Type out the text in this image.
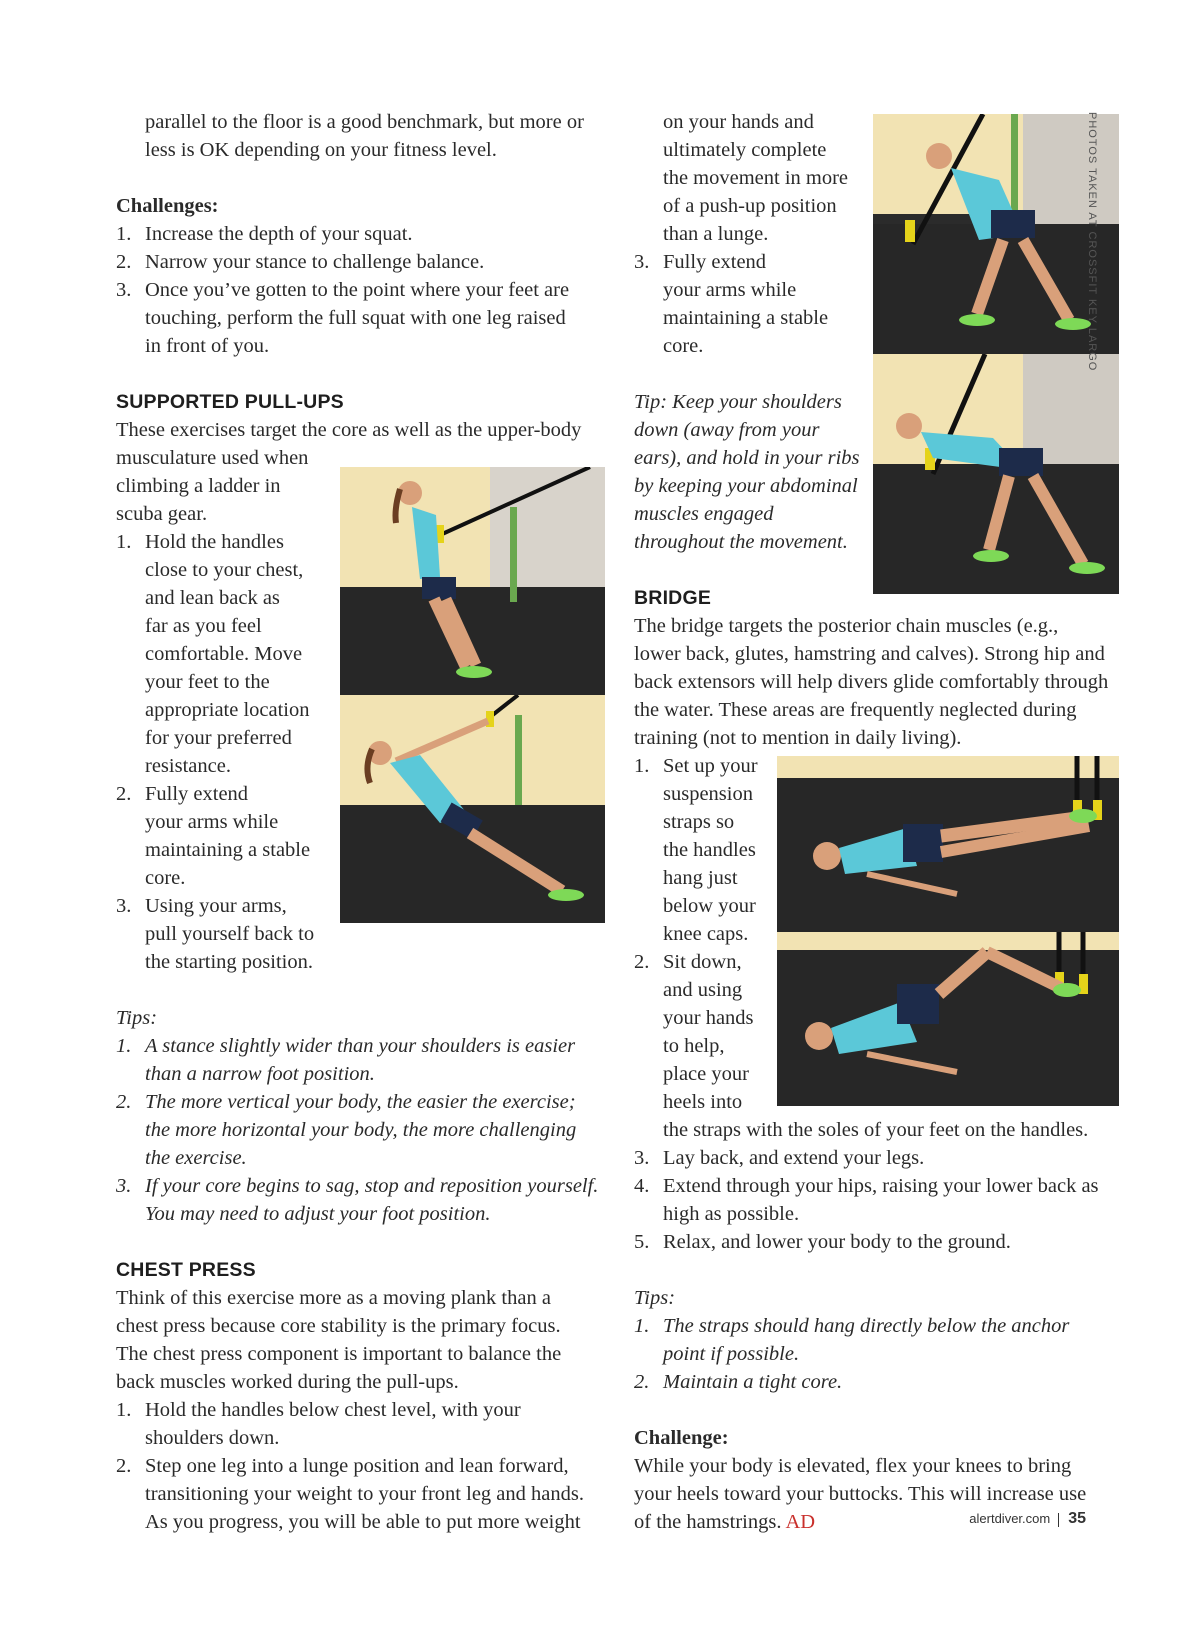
parallel to the floor is a good benchmark, but more or

less is OK depending on your fitness level.

Challenges:

1. Increase the depth of your squat.
2. Narrow your stance to challenge balance.
3. Once you’ve gotten to the point where your feet are
touching, perform the full squat with one leg raised
in front of you.

SUPPORTED PULL-UPS

These exercises target the core as well as the upper-body

musculature used when

climbing a ladder in

scuba gear.

1. Hold the handles
close to your chest,
and lean back as
far as you feel
comfortable. Move
your feet to the
appropriate location
for your preferred
resistance.
2. Fully extend
your arms while
maintaining a stable
core.
3. Using your arms,
pull yourself back to
the starting position.

Tips:

1. A stance slightly wider than your shoulders is easier
than a narrow foot position.
2. The more vertical your body, the easier the exercise;
the more horizontal your body, the more challenging
the exercise.
3. If your core begins to sag, stop and reposition yourself.
You may need to adjust your foot position.

CHEST PRESS

Think of this exercise more as a moving plank than a

chest press because core stability is the primary focus.

The chest press component is important to balance the

back muscles worked during the pull-ups.

1. Hold the handles below chest level, with your
shoulders down.
2. Step one leg into a lunge position and lean forward,
transitioning your weight to your front leg and hands.
As you progress, you will be able to put more weight

on your hands and

ultimately complete

the movement in more

of a push-up position

than a lunge.

3. Fully extend
your arms while
maintaining a stable
core.

Tip: Keep your shoulders

down (away from your

ears), and hold in your ribs

by keeping your abdominal

muscles engaged

throughout the movement.

BRIDGE

The bridge targets the posterior chain muscles (e.g.,

lower back, glutes, hamstring and calves). Strong hip and

back extensors will help divers glide comfortably through

the water. These areas are frequently neglected during

training (not to mention in daily living).

1. Set up your
suspension
straps so
the handles
hang just
below your
knee caps.
2. Sit down,
and using
your hands
to help,
place your
heels into
the straps with the soles of your feet on the handles.
3. Lay back, and extend your legs.
4. Extend through your hips, raising your lower back as
high as possible.
5. Relax, and lower your body to the ground.

Tips:

1. The straps should hang directly below the anchor
point if possible.
2. Maintain a tight core.

Challenge:

While your body is elevated, flex your knees to bring

your heels toward your buttocks. This will increase use

of the hamstrings. AD

PHOTOS TAKEN AT CROSSFIT KEY LARGO
alertdiver.com 35
